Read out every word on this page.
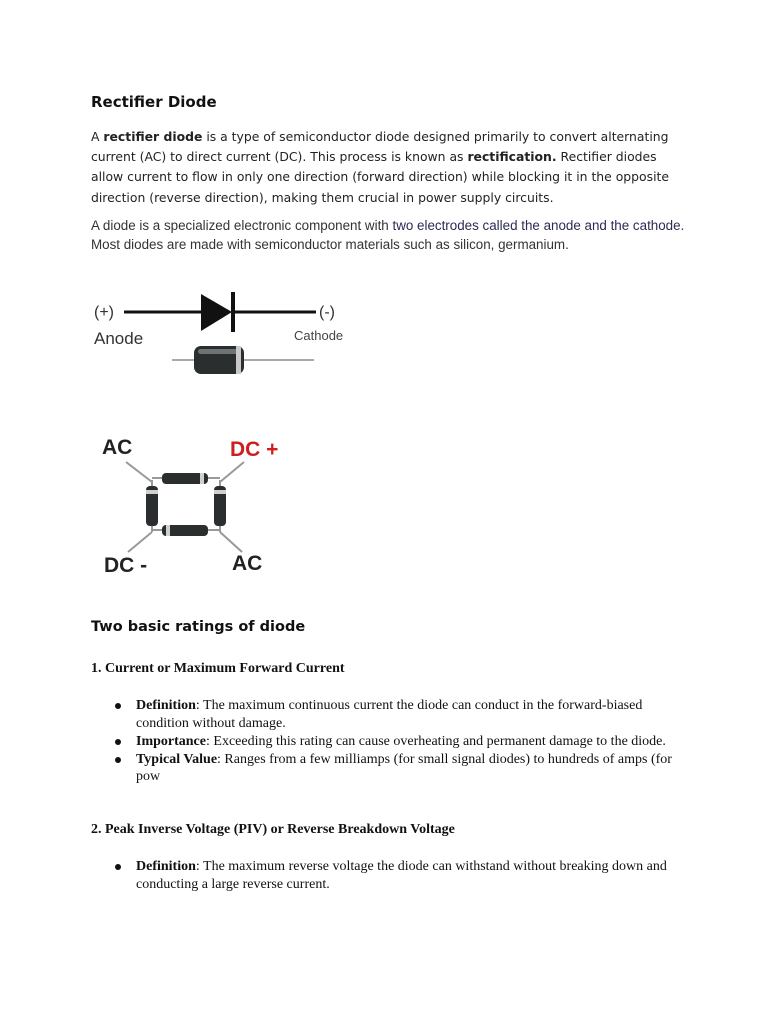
Rectifier Diode

A rectifier diode is a type of semiconductor diode designed primarily to convert alternating current (AC) to direct current (DC). This process is known as rectification. Rectifier diodes allow current to flow in only one direction (forward direction) while blocking it in the opposite direction (reverse direction), making them crucial in power supply circuits.

A diode is a specialized electronic component with two electrodes called the anode and the cathode. Most diodes are made with semiconductor materials such as silicon, germanium.

(+)	(-)
Anode	Cathode
AC	DC +
DC -	AC
Two basic ratings of diode
1. Current or Maximum Forward Current
Definition: The maximum continuous current the diode can conduct in the forward-biased condition without damage.
Importance: Exceeding this rating can cause overheating and permanent damage to the diode.
Typical Value: Ranges from a few milliamps (for small signal diodes) to hundreds of amps (for pow
2. Peak Inverse Voltage (PIV) or Reverse Breakdown Voltage
Definition: The maximum reverse voltage the diode can withstand without breaking down and conducting a large reverse current.
